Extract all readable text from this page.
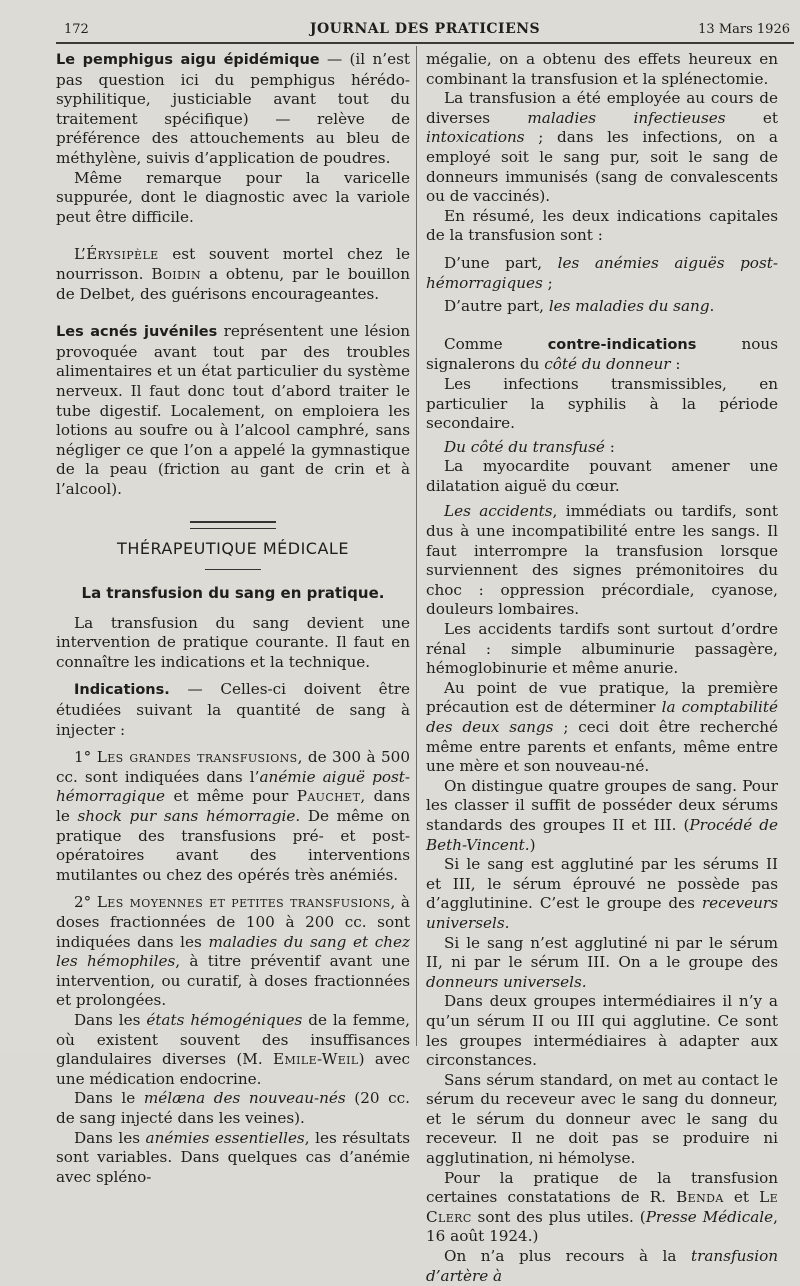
172	JOURNAL DES PRATICIENS	13 Mars 1926

Le pemphigus aigu épidémique — (il n’est pas question ici du pemphigus hérédo-syphilitique, justiciable avant tout du traitement spécifique) — relève de préférence des attouchements au bleu de méthylène, suivis d’application de poudres.

Même remarque pour la varicelle suppurée, dont le diagnostic avec la variole peut être difficile.

L’Érysipèle est souvent mortel chez le nourrisson. Boidin a obtenu, par le bouillon de Delbet, des guérisons encourageantes.

Les acnés juvéniles représentent une lésion provoquée avant tout par des troubles alimentaires et un état particulier du système nerveux. Il faut donc tout d’abord traiter le tube digestif. Localement, on emploiera les lotions au soufre ou à l’alcool camphré, sans négliger ce que l’on a appelé la gymnastique de la peau (friction au gant de crin et à l’alcool).

THÉRAPEUTIQUE MÉDICALE
La transfusion du sang en pratique.

La transfusion du sang devient une intervention de pratique courante. Il faut en connaître les indications et la technique.

Indications. — Celles-ci doivent être étudiées suivant la quantité de sang à injecter :

1° Les grandes transfusions, de 300 à 500 cc. sont indiquées dans l’anémie aiguë post-hémorragique et même pour Pauchet, dans le shock pur sans hémorragie. De même on pratique des transfusions pré- et post-opératoires avant des interventions mutilantes ou chez des opérés très anémiés.

2° Les moyennes et petites transfusions, à doses fractionnées de 100 à 200 cc. sont indiquées dans les maladies du sang et chez les hémophiles, à titre préventif avant une intervention, ou curatif, à doses fractionnées et prolongées.

Dans les états hémogéniques de la femme, où existent souvent des insuffisances glandulaires diverses (M. Emile-Weil) avec une médication endocrine.

Dans le mélæna des nouveau-nés (20 cc. de sang injecté dans les veines).

Dans les anémies essentielles, les résultats sont variables. Dans quelques cas d’anémie avec spléno-

mégalie, on a obtenu des effets heureux en combinant la transfusion et la splénectomie.

La transfusion a été employée au cours de diverses maladies infectieuses et intoxications ; dans les infections, on a employé soit le sang pur, soit le sang de donneurs immunisés (sang de convalescents ou de vaccinés).

En résumé, les deux indications capitales de la transfusion sont :

D’une part, les anémies aiguës post-hémorragiques ;

D’autre part, les maladies du sang.

Comme contre-indications nous signalerons du côté du donneur :

Les infections transmissibles, en particulier la syphilis à la période secondaire.

Du côté du transfusé :

La myocardite pouvant amener une dilatation aiguë du cœur.

Les accidents, immédiats ou tardifs, sont dus à une incompatibilité entre les sangs. Il faut interrompre la transfusion lorsque surviennent des signes prémonitoires du choc : oppression précordiale, cyanose, douleurs lombaires.

Les accidents tardifs sont surtout d’ordre rénal : simple albuminurie passagère, hémoglobinurie et même anurie.

Au point de vue pratique, la première précaution est de déterminer la comptabilité des deux sangs ; ceci doit être recherché même entre parents et enfants, même entre une mère et son nouveau-né.

On distingue quatre groupes de sang. Pour les classer il suffit de posséder deux sérums standards des groupes II et III. (Procédé de Beth-Vincent.)

Si le sang est agglutiné par les sérums II et III, le sérum éprouvé ne possède pas d’agglutinine. C’est le groupe des receveurs universels.

Si le sang n’est agglutiné ni par le sérum II, ni par le sérum III. On a le groupe des donneurs universels.

Dans deux groupes intermédiaires il n’y a qu’un sérum II ou III qui agglutine. Ce sont les groupes intermédiaires à adapter aux circonstances.

Sans sérum standard, on met au contact le sérum du receveur avec le sang du donneur, et le sérum du donneur avec le sang du receveur. Il ne doit pas se produire ni agglutination, ni hémolyse.

Pour la pratique de la transfusion certaines constatations de R. Benda et Le Clerc sont des plus utiles. (Presse Médicale, 16 août 1924.)

On n’a plus recours à la transfusion d’artère à
